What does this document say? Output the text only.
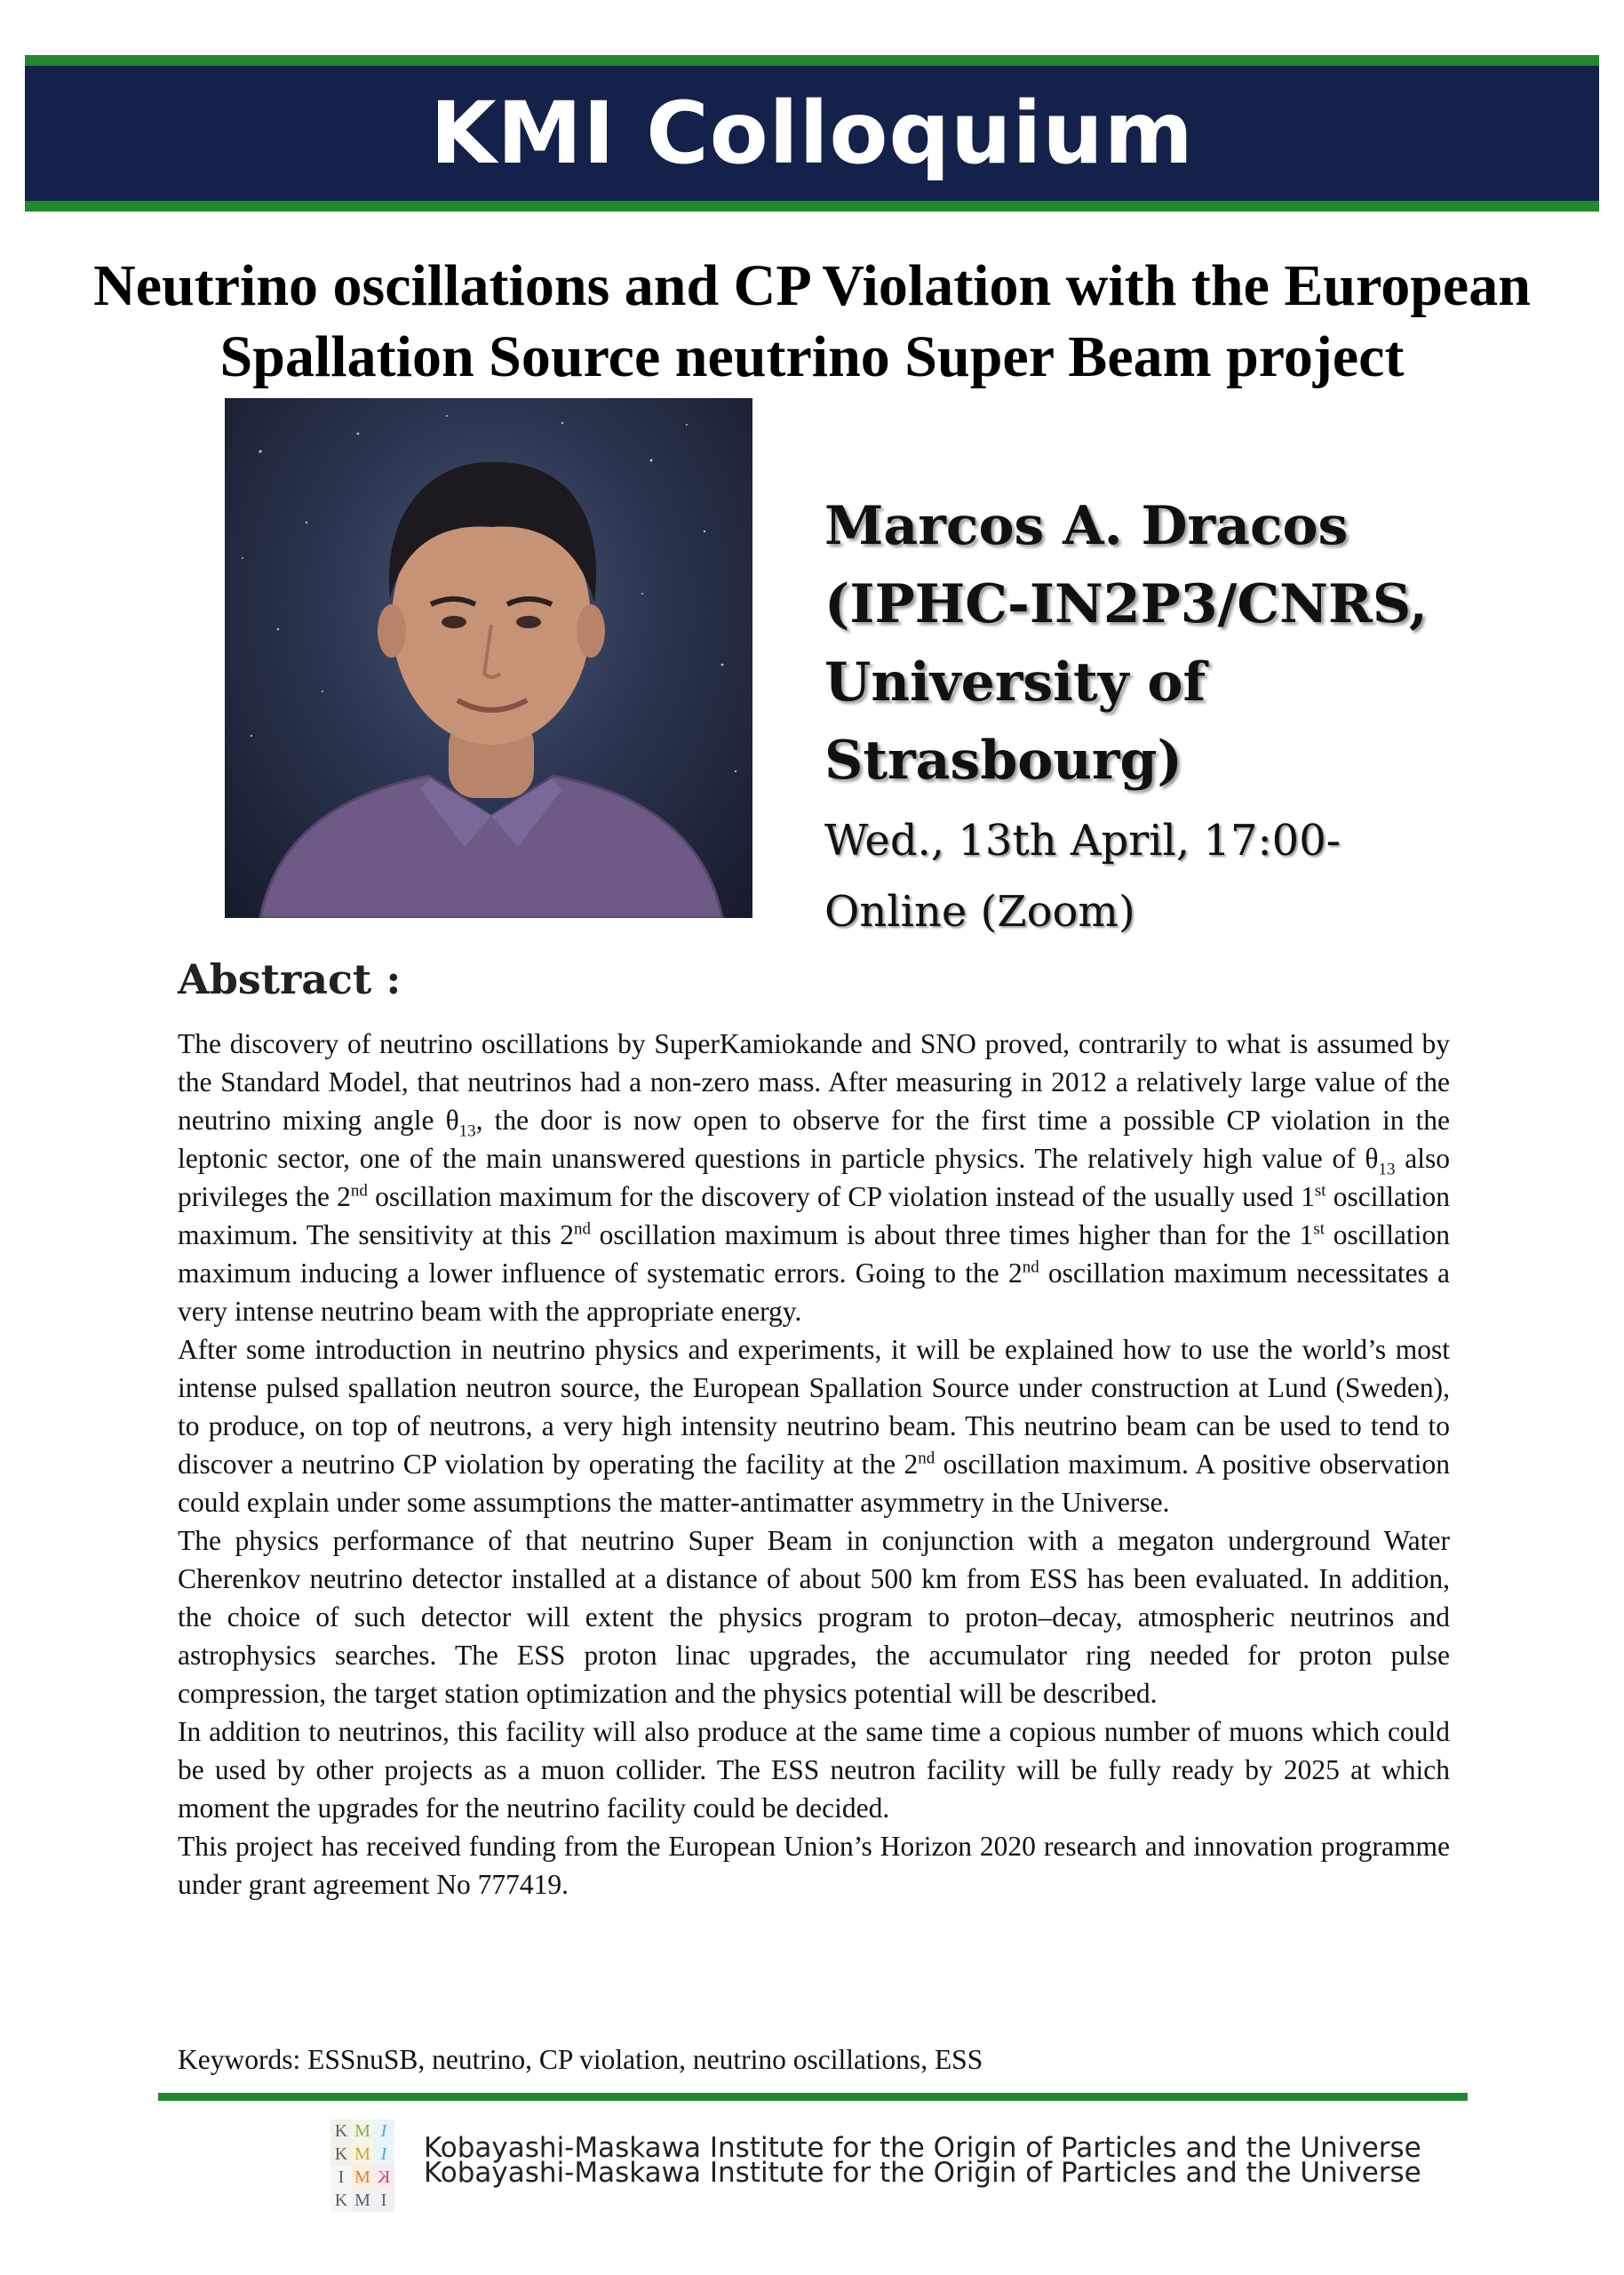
KMI Colloquium
Neutrino oscillations and CP Violation with the European
Spallation Source neutrino Super Beam project

Marcos A. Dracos

(IPHC-IN2P3/CNRS,

University of

Strasbourg)

Wed., 13th April, 17:00-

Online (Zoom)

Abstract :

The discovery of neutrino oscillations by SuperKamiokande and SNO proved, contrarily to what is assumed by the Standard Model, that neutrinos had a non-zero mass. After measuring in 2012 a relatively large value of the neutrino mixing angle $\theta_{13}$, the door is now open to observe for the first time a possible CP violation in the leptonic sector, one of the main unanswered questions in particle physics. The relatively high value of $\theta_{13}$ also privileges the 2nd oscillation maximum for the discovery of CP violation instead of the usually used 1st oscillation maximum. The sensitivity at this 2nd oscillation maximum is about three times higher than for the 1st oscillation maximum inducing a lower influence of systematic errors. Going to the 2nd oscillation maximum necessitates a very intense neutrino beam with the appropriate energy.

After some introduction in neutrino physics and experiments, it will be explained how to use the world’s most intense pulsed spallation neutron source, the European Spallation Source under construction at Lund (Sweden), to produce, on top of neutrons, a very high intensity neutrino beam. This neutrino beam can be used to tend to discover a neutrino CP violation by operating the facility at the 2nd oscillation maximum. A positive observation could explain under some assumptions the matter-antimatter asymmetry in the Universe.

The physics performance of that neutrino Super Beam in conjunction with a megaton underground Water Cherenkov neutrino detector installed at a distance of about 500 km from ESS has been evaluated. In addition, the choice of such detector will extent the physics program to proton–decay, atmospheric neutrinos and astrophysics searches. The ESS proton linac upgrades, the accumulator ring needed for proton pulse compression, the target station optimization and the physics potential will be described.

In addition to neutrinos, this facility will also produce at the same time a copious number of muons which could be used by other projects as a muon collider. The ESS neutron facility will be fully ready by 2025 at which moment the upgrades for the neutrino facility could be decided.

This project has received funding from the European Union’s Horizon 2020 research and innovation programme under grant agreement No 777419.

Keywords: ESSnuSB, neutrino, CP violation, neutrino oscillations, ESS
K M I
K M I
I M K
K M I
Kobayashi-Maskawa Institute for the Origin of Particles and the Universe
Kobayashi-Maskawa Institute for the Origin of Particles and the Universe
